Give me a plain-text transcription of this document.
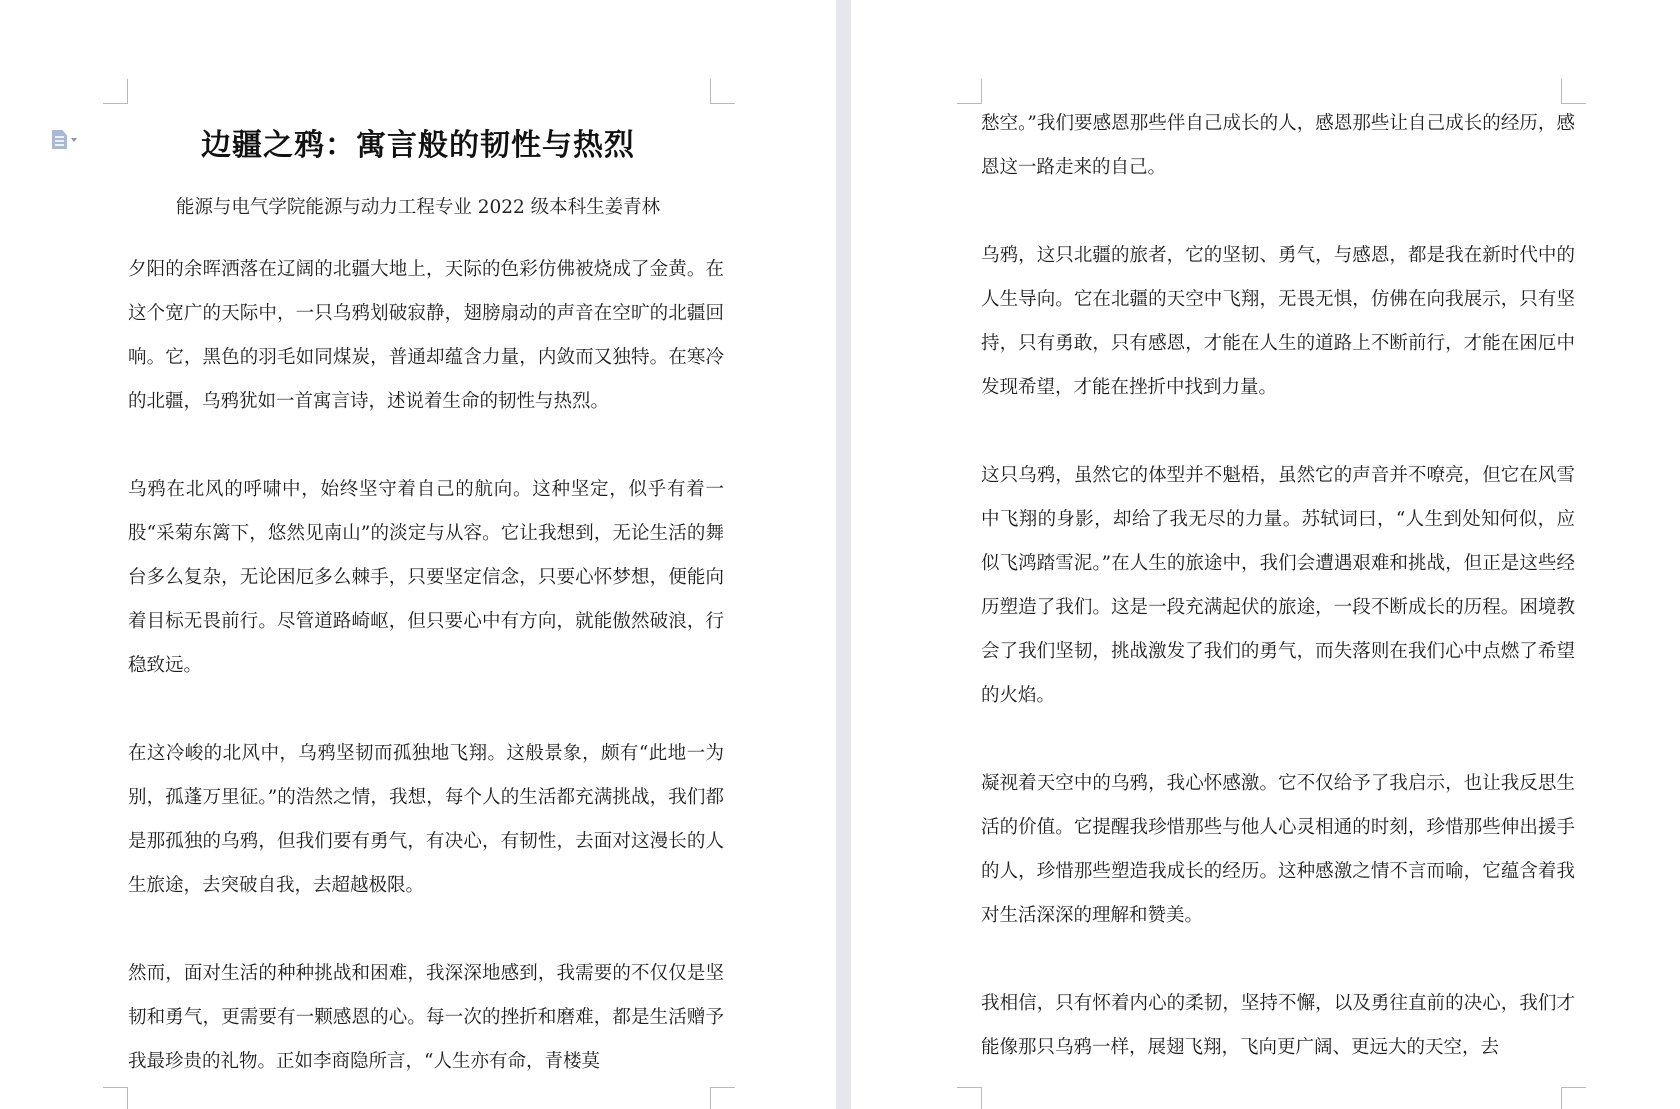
边疆之鸦：寓言般的韧性与热烈

能源与电气学院能源与动力工程专业 2022 级本科生姜青林

夕阳的余晖洒落在辽阔的北疆大地上，天际的色彩仿佛被烧成了金黄。在这个宽广的天际中，一只乌鸦划破寂静，翅膀扇动的声音在空旷的北疆回响。它，黑色的羽毛如同煤炭，普通却蕴含力量，内敛而又独特。在寒冷的北疆，乌鸦犹如一首寓言诗，述说着生命的韧性与热烈。

乌鸦在北风的呼啸中，始终坚守着自己的航向。这种坚定，似乎有着一股“采菊东篱下，悠然见南山”的淡定与从容。它让我想到，无论生活的舞台多么复杂，无论困厄多么棘手，只要坚定信念，只要心怀梦想，便能向着目标无畏前行。尽管道路崎岖，但只要心中有方向，就能傲然破浪，行稳致远。

在这冷峻的北风中，乌鸦坚韧而孤独地飞翔。这般景象，颇有“此地一为别，孤蓬万里征。”的浩然之情，我想，每个人的生活都充满挑战，我们都是那孤独的乌鸦，但我们要有勇气，有决心，有韧性，去面对这漫长的人生旅途，去突破自我，去超越极限。

然而，面对生活的种种挑战和困难，我深深地感到，我需要的不仅仅是坚韧和勇气，更需要有一颗感恩的心。每一次的挫折和磨难，都是生活赠予我最珍贵的礼物。正如李商隐所言，“人生亦有命，青楼莫

愁空。”我们要感恩那些伴自己成长的人，感恩那些让自己成长的经历，感恩这一路走来的自己。

乌鸦，这只北疆的旅者，它的坚韧、勇气，与感恩，都是我在新时代中的人生导向。它在北疆的天空中飞翔，无畏无惧，仿佛在向我展示，只有坚持，只有勇敢，只有感恩，才能在人生的道路上不断前行，才能在困厄中发现希望，才能在挫折中找到力量。

这只乌鸦，虽然它的体型并不魁梧，虽然它的声音并不嘹亮，但它在风雪中飞翔的身影，却给了我无尽的力量。苏轼词曰，“人生到处知何似，应似飞鸿踏雪泥。”在人生的旅途中，我们会遭遇艰难和挑战，但正是这些经历塑造了我们。这是一段充满起伏的旅途，一段不断成长的历程。困境教会了我们坚韧，挑战激发了我们的勇气，而失落则在我们心中点燃了希望的火焰。

凝视着天空中的乌鸦，我心怀感激。它不仅给予了我启示，也让我反思生活的价值。它提醒我珍惜那些与他人心灵相通的时刻，珍惜那些伸出援手的人，珍惜那些塑造我成长的经历。这种感激之情不言而喻，它蕴含着我对生活深深的理解和赞美。

我相信，只有怀着内心的柔韧，坚持不懈，以及勇往直前的决心，我们才能像那只乌鸦一样，展翅飞翔，飞向更广阔、更远大的天空，去
